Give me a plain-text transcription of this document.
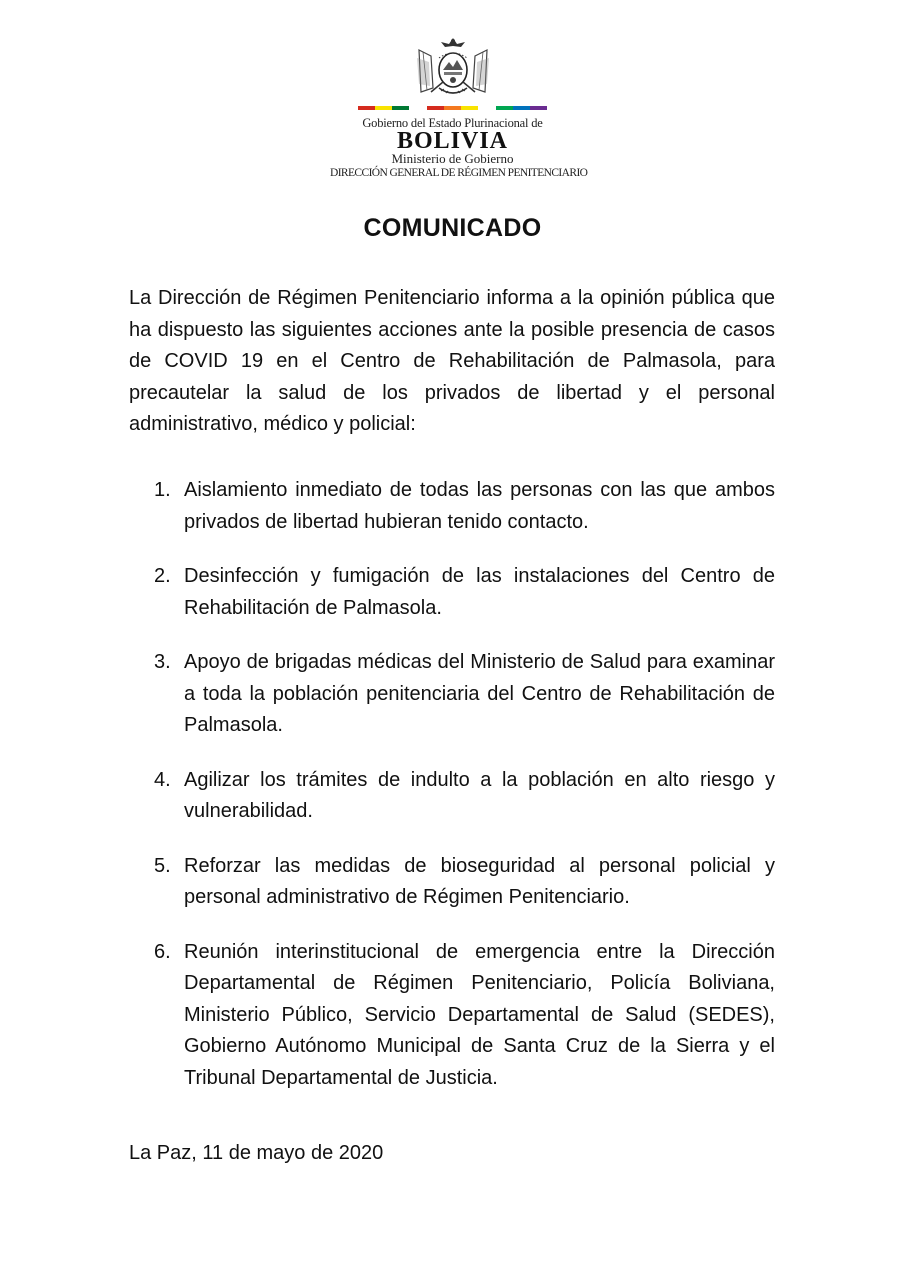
Gobierno del Estado Plurinacional de
BOLIVIA
Ministerio de Gobierno
DIRECCIÓN GENERAL DE RÉGIMEN PENITENCIARIO
COMUNICADO

La Dirección de Régimen Penitenciario informa a la opinión pública que ha dispuesto las siguientes acciones ante la posible presencia de casos de COVID 19 en el Centro de Rehabilitación de Palmasola, para precautelar la salud de los privados de libertad y el personal administrativo, médico y policial:

1. Aislamiento inmediato de todas las personas con las que ambos privados de libertad hubieran tenido contacto.
2. Desinfección y fumigación de las instalaciones del Centro de Rehabilitación de Palmasola.
3. Apoyo de brigadas médicas del Ministerio de Salud para examinar a toda la población penitenciaria del Centro de Rehabilitación de Palmasola.
4. Agilizar los trámites de indulto a la población en alto riesgo y vulnerabilidad.
5. Reforzar las medidas de bioseguridad al personal policial y personal administrativo de Régimen Penitenciario.
6. Reunión interinstitucional de emergencia entre la Dirección Departamental de Régimen Penitenciario, Policía Boliviana, Ministerio Público, Servicio Departamental de Salud (SEDES), Gobierno Autónomo Municipal de Santa Cruz de la Sierra y el Tribunal Departamental de Justicia.

La Paz, 11 de mayo de 2020
